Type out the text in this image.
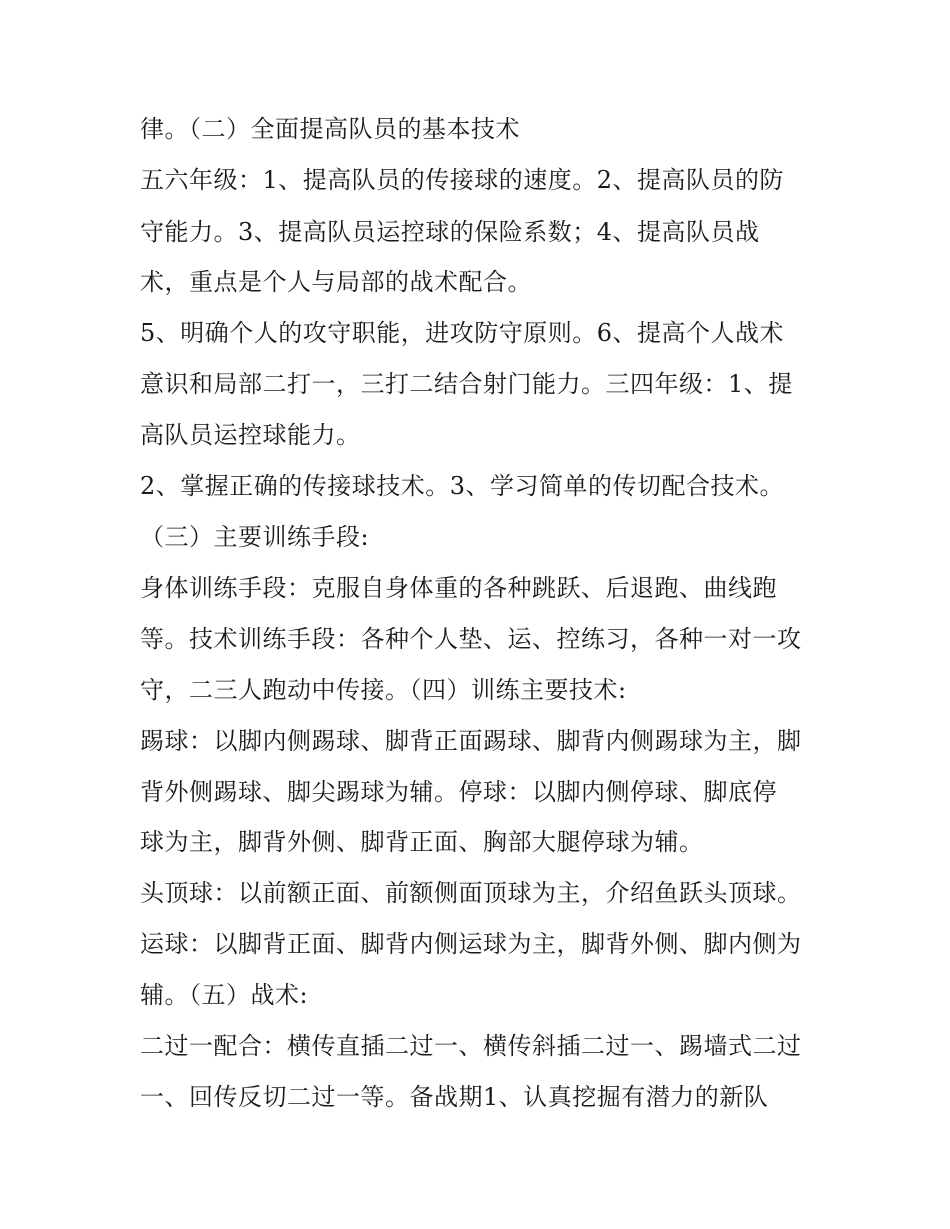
律。（二）全面提高队员的基本技术
五六年级：1、提高队员的传接球的速度。2、提高队员的防
守能力。3、提高队员运控球的保险系数；4、提高队员战
术，重点是个人与局部的战术配合。
5、明确个人的攻守职能，进攻防守原则。6、提高个人战术
意识和局部二打一，三打二结合射门能力。三四年级：1、提
高队员运控球能力。
2、掌握正确的传接球技术。3、学习简单的传切配合技术。
（三）主要训练手段:
身体训练手段：克服自身体重的各种跳跃、后退跑、曲线跑
等。技术训练手段：各种个人垫、运、控练习，各种一对一攻
守，二三人跑动中传接。（四）训练主要技术:
踢球：以脚内侧踢球、脚背正面踢球、脚背内侧踢球为主，脚
背外侧踢球、脚尖踢球为辅。停球：以脚内侧停球、脚底停
球为主，脚背外侧、脚背正面、胸部大腿停球为辅。
头顶球：以前额正面、前额侧面顶球为主，介绍鱼跃头顶球。
运球：以脚背正面、脚背内侧运球为主，脚背外侧、脚内侧为
辅。（五）战术:
二过一配合：横传直插二过一、横传斜插二过一、踢墙式二过
一、回传反切二过一等。备战期1、认真挖掘有潜力的新队
